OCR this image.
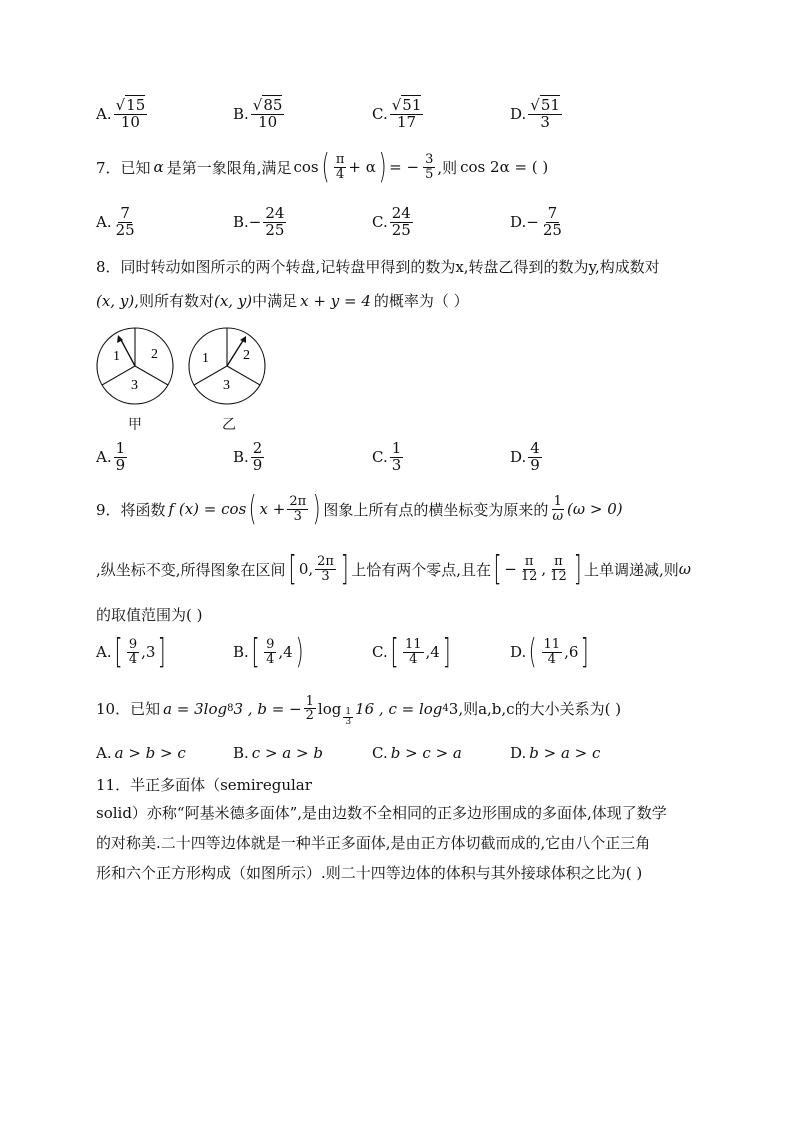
A. $\frac{√15}{10}$	B. $\frac{√85}{10}$	C. $\frac{√51}{17}$	D. $\frac{√51}{3}$
7．已知 α 是第一象限角,满足 cos ( $\frac{\pi}{4} + \alpha$ ) = − $\frac{3}{5}$ ,则 cos 2α = ( )
A. $\frac{7}{25}$	B. − $\frac{24}{25}$	C. $\frac{24}{25}$	D. − $\frac{7}{25}$
8．同时转动如图所示的两个转盘,记转盘甲得到的数为x,转盘乙得到的数为y,构成数对
(x, y) ,则所有数对 (x, y) 中满足 x + y = 4 的概率为（ ）
1 2
3
1 2
3
甲	乙
A. $\frac{1}{9}$	B. $\frac{2}{9}$	C. $\frac{1}{3}$	D. $\frac{4}{9}$
9．将函数 f (x) = cos ( $x + \frac{2\pi}{3}$ ) 图象上所有点的横坐标变为原来的 $\frac{1}{\omega} (\omega > 0)$
,纵坐标不变,所得图象在区间 [ 0, $\frac{2\pi}{3}$ ] 上恰有两个零点,且在 [ − $\frac{\pi}{12}$ , $\frac{\pi}{12}$ ] 上单调递减,则 ω
的取值范围为( )
A. [ $\frac{9}{4} ,3$ ]	B. [ $\frac{9}{4} ,4$ )	C. [ $\frac{11}{4} ,4$ ]	D. ( $\frac{11}{4} ,6$ ]
10．已知 a = 3log 8 3 , b = − $\frac{1}{2}$ $\log \frac{1}{3} 16$ , c = log 4 3 ,则a,b,c的大小关系为( )
A. a > b > c	B. c > a > b	C. b > c > a	D. b > a > c
11．半正多面体（semiregular
solid）亦称“阿基米德多面体”,是由边数不全相同的正多边形围成的多面体,体现了数学
的对称美.二十四等边体就是一种半正多面体,是由正方体切截而成的,它由八个正三角
形和六个正方形构成（如图所示）.则二十四等边体的体积与其外接球体积之比为( )
